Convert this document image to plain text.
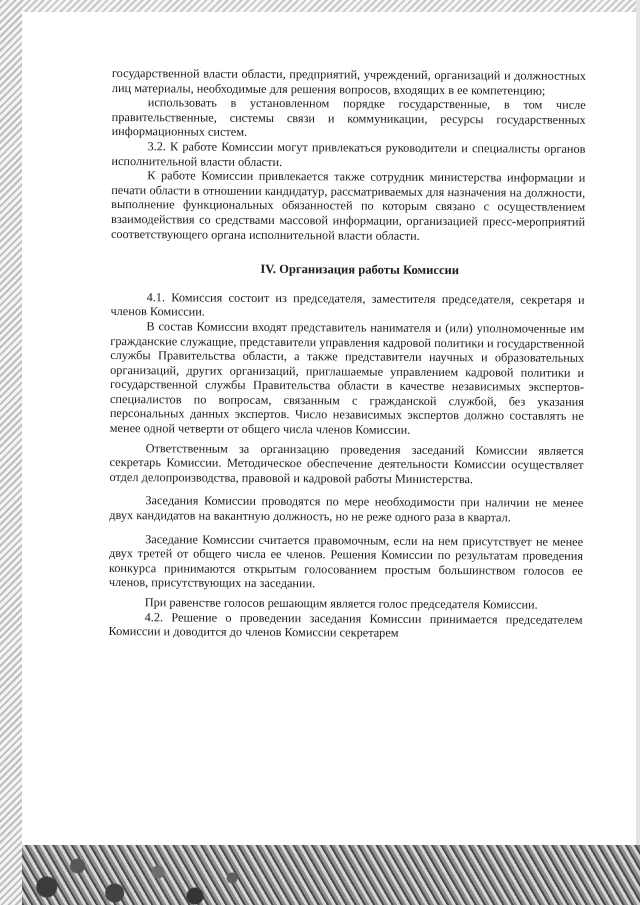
государственной власти области, предприятий, учреждений, организаций и должностных лиц материалы, необходимые для решения вопросов, входящих в ее компетенцию;

использовать в установленном порядке государственные, в том числе правительственные, системы связи и коммуникации, ресурсы государственных информационных систем.

3.2. К работе Комиссии могут привлекаться руководители и специалисты органов исполнительной власти области.

К работе Комиссии привлекается также сотрудник министерства информации и печати области в отношении кандидатур, рассматриваемых для назначения на должности, выполнение функциональных обязанностей по которым связано с осуществлением взаимодействия со средствами массовой информации, организацией пресс-мероприятий соответствующего органа исполнительной власти области.

IV. Организация работы Комиссии

4.1. Комиссия состоит из председателя, заместителя председателя, секретаря и членов Комиссии.

В состав Комиссии входят представитель нанимателя и (или) уполномоченные им гражданские служащие, представители управления кадровой политики и государственной службы Правительства области, а также представители научных и образовательных организаций, других организаций, приглашаемые управлением кадровой политики и государственной службы Правительства области в качестве независимых экспертов-специалистов по вопросам, связанным с гражданской службой, без указания персональных данных экспертов. Число независимых экспертов должно составлять не менее одной четверти от общего числа членов Комиссии.

Ответственным за организацию проведения заседаний Комиссии является секретарь Комиссии. Методическое обеспечение деятельности Комиссии осуществляет отдел делопроизводства, правовой и кадровой работы Министерства.

Заседания Комиссии проводятся по мере необходимости при наличии не менее двух кандидатов на вакантную должность, но не реже одного раза в квартал.

Заседание Комиссии считается правомочным, если на нем присутствует не менее двух третей от общего числа ее членов. Решения Комиссии по результатам проведения конкурса принимаются открытым голосованием простым большинством голосов ее членов, присутствующих на заседании.

При равенстве голосов решающим является голос председателя Комиссии.

4.2. Решение о проведении заседания Комиссии принимается председателем Комиссии и доводится до членов Комиссии секретарем
